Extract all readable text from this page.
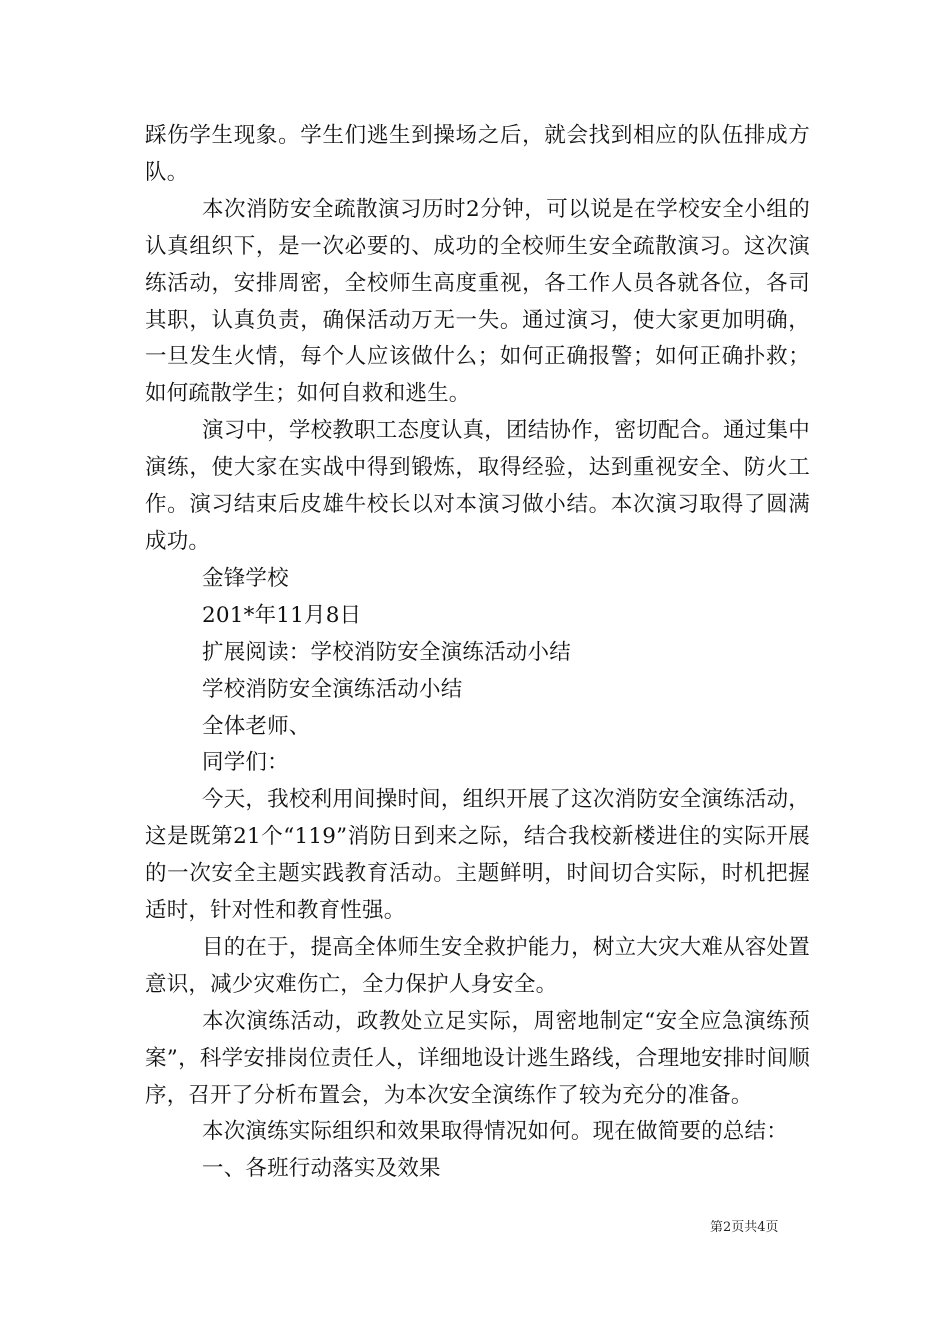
踩伤学生现象。学生们逃生到操场之后，就会找到相应的队伍排成方队。

本次消防安全疏散演习历时2分钟，可以说是在学校安全小组的认真组织下，是一次必要的、成功的全校师生安全疏散演习。这次演练活动，安排周密，全校师生高度重视，各工作人员各就各位，各司其职，认真负责，确保活动万无一失。通过演习，使大家更加明确，一旦发生火情，每个人应该做什么；如何正确报警；如何正确扑救；如何疏散学生；如何自救和逃生。

演习中，学校教职工态度认真，团结协作，密切配合。通过集中演练，使大家在实战中得到锻炼，取得经验，达到重视安全、防火工作。演习结束后皮雄牛校长以对本演习做小结。本次演习取得了圆满成功。

金锋学校

201*年11月8日

扩展阅读：学校消防安全演练活动小结

学校消防安全演练活动小结

全体老师、

同学们：

今天，我校利用间操时间，组织开展了这次消防安全演练活动，这是既第21个“119”消防日到来之际，结合我校新楼进住的实际开展的一次安全主题实践教育活动。主题鲜明，时间切合实际，时机把握适时，针对性和教育性强。

目的在于，提高全体师生安全救护能力，树立大灾大难从容处置意识，减少灾难伤亡，全力保护人身安全。

本次演练活动，政教处立足实际，周密地制定“安全应急演练预案”，科学安排岗位责任人，详细地设计逃生路线，合理地安排时间顺序，召开了分析布置会，为本次安全演练作了较为充分的准备。

本次演练实际组织和效果取得情况如何。现在做简要的总结：

一、各班行动落实及效果

第2页共4页
